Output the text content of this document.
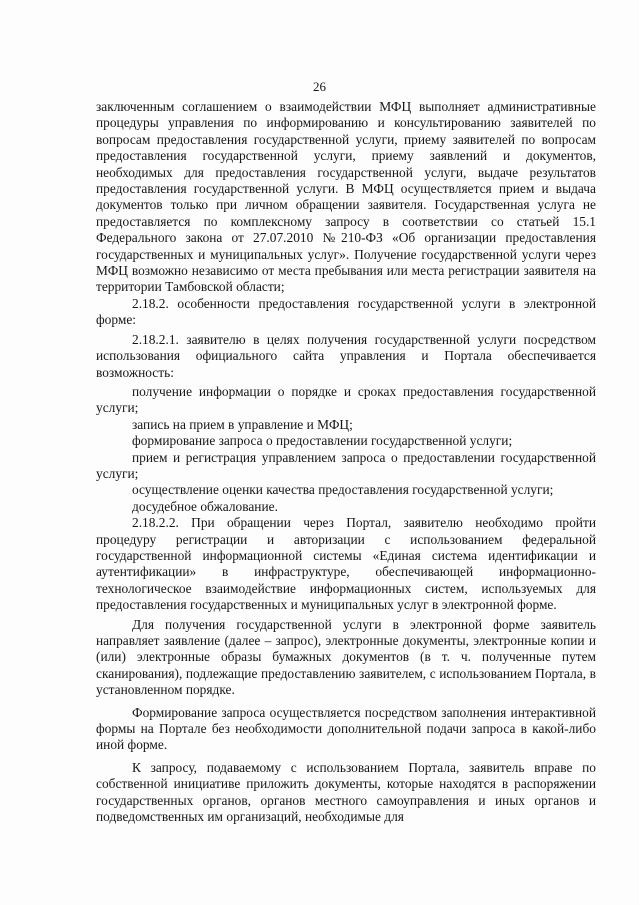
26

заключенным соглашением о взаимодействии МФЦ выполняет административные процедуры управления по информированию и консультированию заявителей по вопросам предоставления государственной услуги, приему заявителей по вопросам предоставления государственной услуги, приему заявлений и документов, необходимых для предоставления государственной услуги, выдаче результатов предоставления государственной услуги. В МФЦ осуществляется прием и выдача документов только при личном обращении заявителя. Государственная услуга не предоставляется по комплексному запросу в соответствии со статьей 15.1 Федерального закона от 27.07.2010 №210-ФЗ «Об организации предоставления государственных и муниципальных услуг». Получение государственной услуги через МФЦ возможно независимо от места пребывания или места регистрации заявителя на территории Тамбовской области;

2.18.2. особенности предоставления государственной услуги в электронной форме:

2.18.2.1. заявителю в целях получения государственной услуги посредством использования официального сайта управления и Портала обеспечивается возможность:

получение информации о порядке и сроках предоставления государственной услуги;

запись на прием в управление и МФЦ;

формирование запроса о предоставлении государственной услуги;

прием и регистрация управлением запроса о предоставлении государственной услуги;

осуществление оценки качества предоставления государственной услуги;

досудебное обжалование.

2.18.2.2. При обращении через Портал, заявителю необходимо пройти процедуру регистрации и авторизации с использованием федеральной государственной информационной системы «Единая система идентификации и аутентификации» в инфраструктуре, обеспечивающей информационно-технологическое взаимодействие информационных систем, используемых для предоставления государственных и муниципальных услуг в электронной форме.

Для получения государственной услуги в электронной форме заявитель направляет заявление (далее – запрос), электронные документы, электронные копии и (или) электронные образы бумажных документов (в т. ч. полученные путем сканирования), подлежащие предоставлению заявителем, с использованием Портала, в установленном порядке.

Формирование запроса осуществляется посредством заполнения интерактивной формы на Портале без необходимости дополнительной подачи запроса в какой-либо иной форме.

К запросу, подаваемому с использованием Портала, заявитель вправе по собственной инициативе приложить документы, которые находятся в распоряжении государственных органов, органов местного самоуправления и иных органов и подведомственных им организаций, необходимые для
